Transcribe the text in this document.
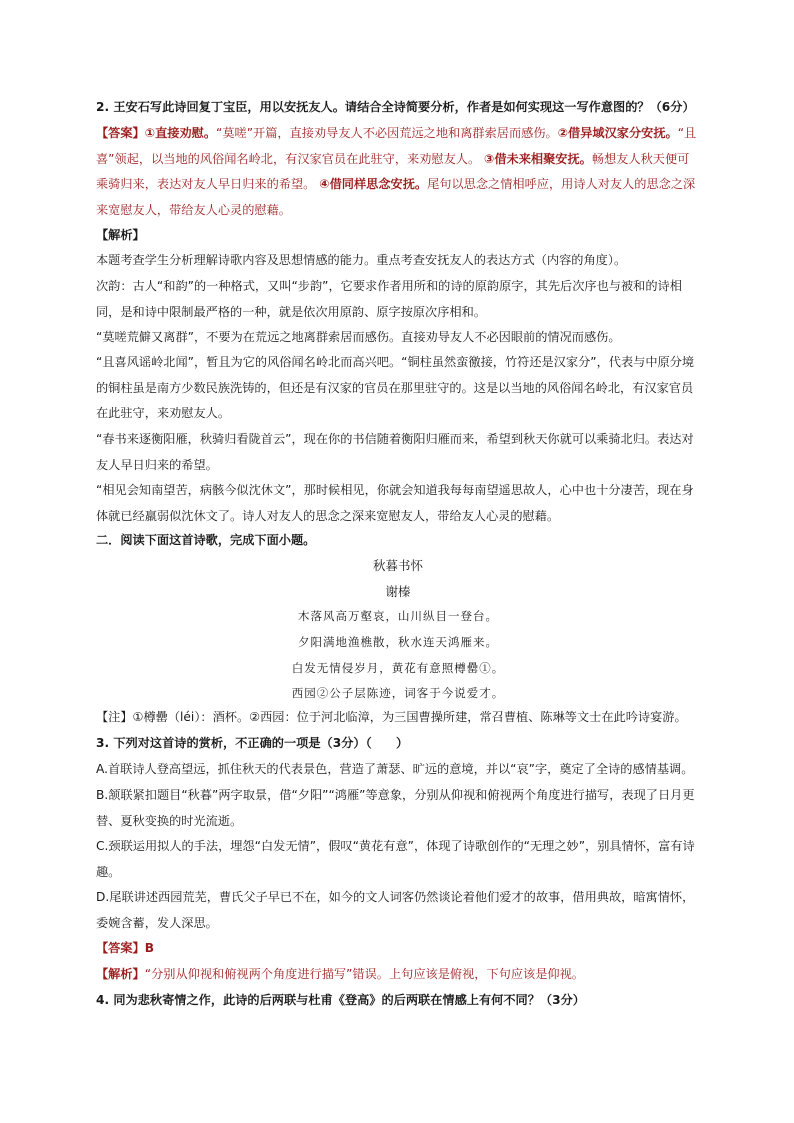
2. 王安石写此诗回复丁宝臣，用以安抚友人。请结合全诗简要分析，作者是如何实现这一写作意图的？（6分）
【答案】①直接劝慰。“莫嗟”开篇，直接劝导友人不必因荒远之地和离群索居而感伤。②借异域汉家分安抚。“且喜”领起，以当地的风俗闻名岭北，有汉家官员在此驻守，来劝慰友人。 ③借未来相聚安抚。畅想友人秋天便可乘骑归来，表达对友人早日归来的希望。 ④借同样思念安抚。尾句以思念之情相呼应，用诗人对友人的思念之深来宽慰友人，带给友人心灵的慰藉。
【解析】
本题考查学生分析理解诗歌内容及思想情感的能力。重点考查安抚友人的表达方式（内容的角度）。
次韵：古人“和韵”的一种格式，又叫“步韵”，它要求作者用所和的诗的原韵原字，其先后次序也与被和的诗相同，是和诗中限制最严格的一种，就是依次用原韵、原字按原次序相和。
“莫嗟荒僻又离群”，不要为在荒远之地离群索居而感伤。直接劝导友人不必因眼前的情况而感伤。
“且喜风谣岭北闻”，暂且为它的风俗闻名岭北而高兴吧。“铜柱虽然蛮徼接，竹符还是汉家分”，代表与中原分境的铜柱虽是南方少数民族洗铸的，但还是有汉家的官员在那里驻守的。这是以当地的风俗闻名岭北，有汉家官员在此驻守，来劝慰友人。
“春书来逐衡阳雁，秋骑归看陇首云”，现在你的书信随着衡阳归雁而来，希望到秋天你就可以乘骑北归。表达对友人早日归来的希望。
“相见会知南望苦，病骸今似沈休文”，那时候相见，你就会知道我每每南望遥思故人，心中也十分凄苦，现在身体就已经羸弱似沈休文了。诗人对友人的思念之深来宽慰友人，带给友人心灵的慰藉。
二．阅读下面这首诗歌，完成下面小题。
秋暮书怀
谢榛
木落风高万壑哀，山川纵目一登台。
夕阳满地渔樵散，秋水连天鸿雁来。
白发无情侵岁月，黄花有意照樽罍①。
西园②公子层陈迹，词客于今说爱才。
【注】①樽罍（léi）：酒杯。②西园：位于河北临漳，为三国曹操所建，常召曹植、陈琳等文士在此吟诗宴游。
3. 下列对这首诗的赏析，不正确的一项是（3分）（　　）
A.首联诗人登高望远，抓住秋天的代表景色，营造了萧瑟、旷远的意境，并以“哀”字，奠定了全诗的感情基调。
B.颔联紧扣题目“秋暮”两字取景，借“夕阳”“鸿雁”等意象，分别从仰视和俯视两个角度进行描写，表现了日月更替、夏秋变换的时光流逝。
C.颈联运用拟人的手法，埋怨“白发无情”，假叹“黄花有意”，体现了诗歌创作的“无理之妙”，别具情怀，富有诗趣。
D.尾联讲述西园荒芜，曹氏父子早已不在，如今的文人词客仍然谈论着他们爱才的故事，借用典故，暗寓情怀，委婉含蓄，发人深思。
【答案】B
【解析】“分别从仰视和俯视两个角度进行描写”错误。上句应该是俯视，下句应该是仰视。
4. 同为悲秋寄情之作，此诗的后两联与杜甫《登高》的后两联在情感上有何不同？（3分）
